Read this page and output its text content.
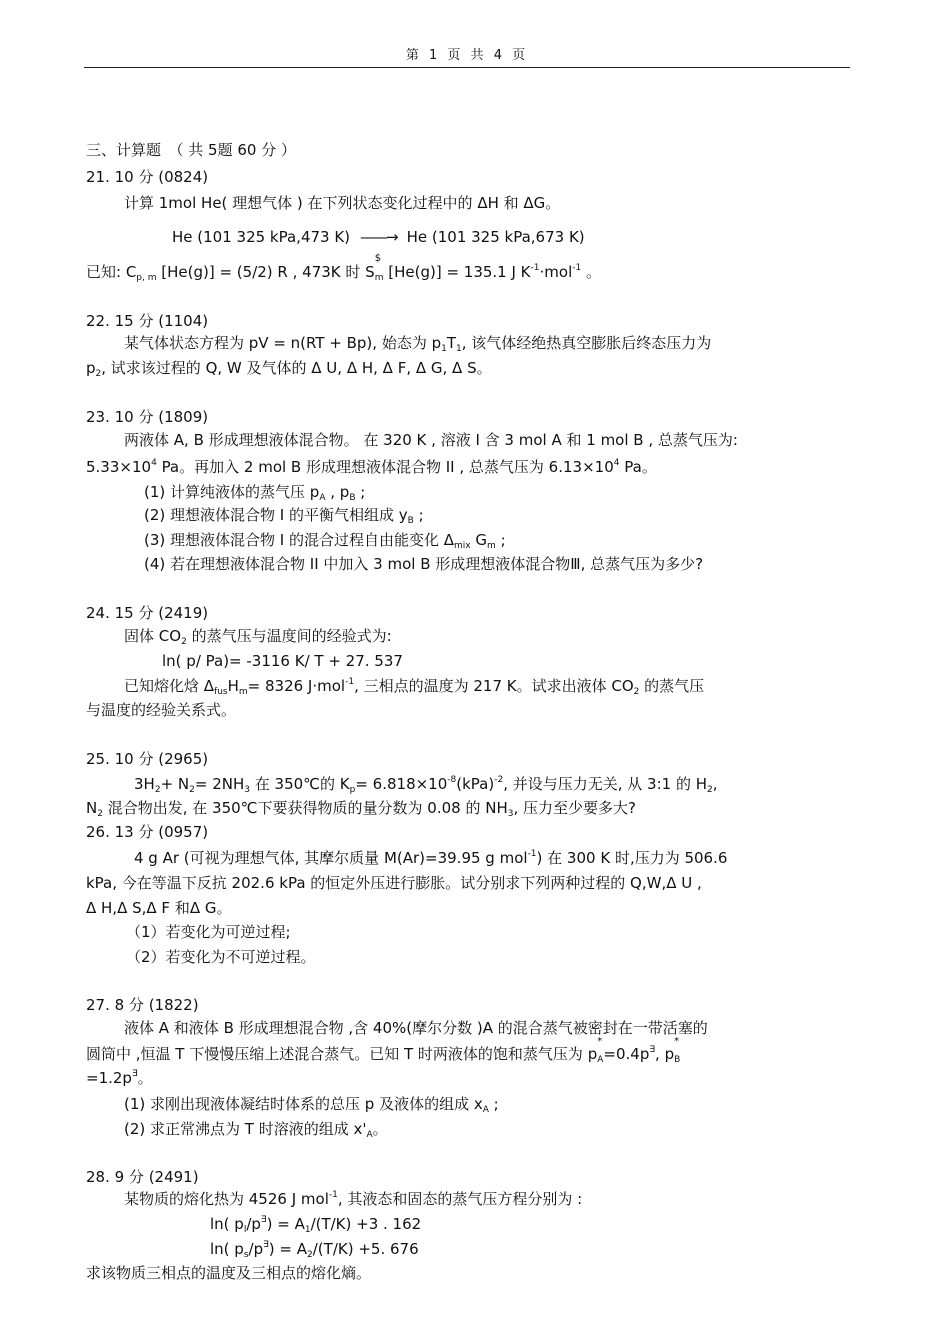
第 1 页 共 4 页
三、计算题　（ 共 5题 60 分 ）
21. 10 分 (0824)
计算 1mol He( 理想气体 ) 在下列状态变化过程中的 ΔH 和 ΔG。
He (101 325 kPa,473 K) ——→ He (101 325 kPa,673 K)
已知: $C_{p, m}$ [He(g)] = (5/2) R , 473K 时 S
$
$_m$ [He(g)] = 135.1 J $K^{-1}\cdot mol^{-1}$ 。
22. 15 分 (1104)
某气体状态方程为 pV = n(RT + Bp), 始态为 $p_1T_1$, 该气体经绝热真空膨胀后终态压力为
$p_2$, 试求该过程的 Q, W 及气体的 Δ U, Δ H, Δ F, Δ G, Δ S。
23. 10 分 (1809)
两液体 A, B 形成理想液体混合物。 在 320 K , 溶液 I 含 3 mol A 和 1 mol B , 总蒸气压为:
$5.33\times 10^4$ Pa。再加入 2 mol B 形成理想液体混合物 II , 总蒸气压为 $6.13\times 10^4$ Pa。
(1) 计算纯液体的蒸气压 $p_A$ , $p_B$ ;
(2) 理想液体混合物 I 的平衡气相组成 $y_B$ ;
(3) 理想液体混合物 I 的混合过程自由能变化 $\Delta_{mix}$ $G_m$ ;
(4) 若在理想液体混合物 II 中加入 3 mol B 形成理想液体混合物Ⅲ, 总蒸气压为多少?
24. 15 分 (2419)
固体 $CO_2$ 的蒸气压与温度间的经验式为:
ln( p/ Pa)= -3116 K/ T + 27. 537
已知熔化焓 $\Delta_{fus}H_m= 8326$ J·mol$^{-1}$, 三相点的温度为 217 K。试求出液体 $CO_2$ 的蒸气压
与温度的经验关系式。
25. 10 分 (2965)
$3H_2+ N_2= 2NH_3$ 在 350℃的 $K_p= 6.818\times 10^{-8}(kPa)^{-2}$, 并设与压力无关, 从 3:1 的 $H_2$,
$N_2$ 混合物出发, 在 350℃下要获得物质的量分数为 0.08 的 $NH_3$, 压力至少要多大?
26. 13 分 (0957)
4 g Ar (可视为理想气体, 其摩尔质量 M(Ar)=39.95 g mol$^{-1}$) 在 300 K 时,压力为 506.6
kPa, 今在等温下反抗 202.6 kPa 的恒定外压进行膨胀。试分别求下列两种过程的 Q,W,Δ U ,
Δ H,Δ S,Δ F 和Δ G。
（1）若变化为可逆过程;
（2）若变化为不可逆过程。
27. 8 分 (1822)
液体 A 和液体 B 形成理想混合物 ,含 40%(摩尔分数 )A 的混合蒸气被密封在一带活塞的
圆筒中 ,恒温 T 下慢慢压缩上述混合蒸气。已知 T 时两液体的饱和蒸气压为 p
*
$_A$=0.4p∃, p
*
$_B$
=1.2p∃。
(1) 求刚出现液体凝结时体系的总压 p 及液体的组成 $x_A$ ;
(2) 求正常沸点为 T 时溶液的组成 $x'_A$。
28. 9 分 (2491)
某物质的熔化热为 4526 J mol$^{-1}$, 其液态和固态的蒸气压方程分别为 :
ln( $p_l/p^\exists) = A_1/(T/K) +3$ . 162
ln( $p_s/p^\exists) = A_2/(T/K) +5$. 676
求该物质三相点的温度及三相点的熔化熵。
